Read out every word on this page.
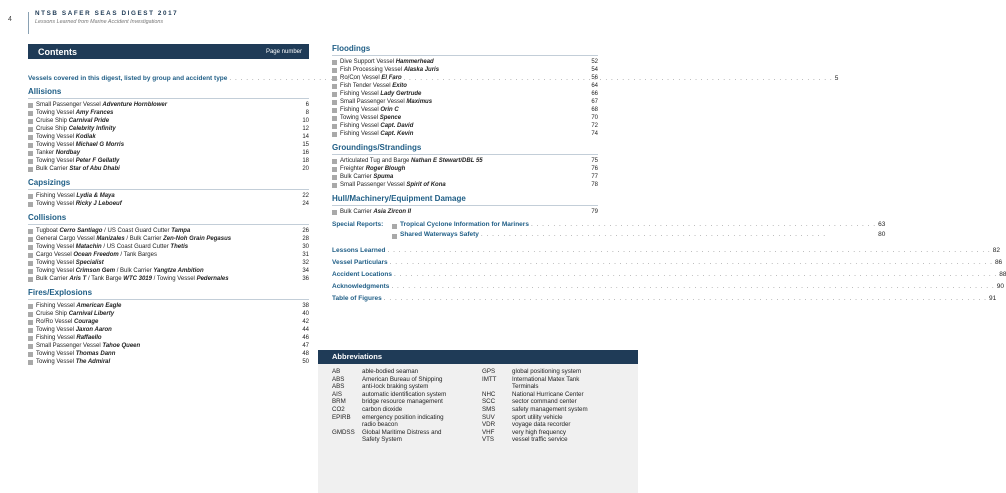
4
NTSB SAFER SEAS DIGEST 2017
Lessons Learned from Marine Accident Investigations
Contents	Page number
Vessels covered in this digest, listed by group and accident type . . .	5
Allisions
Small Passenger Vessel Adventure Hornblower	6
Towing Vessel Amy Frances	8
Cruise Ship Carnival Pride	10
Cruise Ship Celebrity Infinity	12
Towing Vessel Kodiak	14
Towing Vessel Michael G Morris	15
Tanker Nordbay	16
Towing Vessel Peter F Gellatly	18
Bulk Carrier Star of Abu Dhabi	20
Capsizings
Fishing Vessel Lydia & Maya	22
Towing Vessel Ricky J Leboeuf	24
Collisions
Tugboat Cerro Santiago / US Coast Guard Cutter Tampa	26
General Cargo Vessel Manizales / Bulk Carrier Zen-Noh Grain Pegasus	28
Towing Vessel Matachin / US Coast Guard Cutter Thetis	30
Cargo Vessel Ocean Freedom / Tank Barges	31
Towing Vessel Specialist	32
Towing Vessel Crimson Gem / Bulk Carrier Yangtze Ambition	34
Bulk Carrier Aris T / Tank Barge WTC 3019 / Towing Vessel Pedernales	36
Fires/Explosions
Fishing Vessel American Eagle	38
Cruise Ship Carnival Liberty	40
Ro/Ro Vessel Courage	42
Towing Vessel Jaxon Aaron	44
Fishing Vessel Raffaello	46
Small Passenger Vessel Tahoe Queen	47
Towing Vessel Thomas Dann	48
Towing Vessel The Admiral	50
Floodings
Dive Support Vessel Hammerhead	52
Fish Processing Vessel Alaska Juris	54
Ro/Con Vessel El Faro	56
Fish Tender Vessel Exito	64
Fishing Vessel Lady Gertrude	66
Small Passenger Vessel Maximus	67
Fishing Vessel Orin C	68
Towing Vessel Spence	70
Fishing Vessel Capt. David	72
Fishing Vessel Capt. Kevin	74
Groundings/Strandings
Articulated Tug and Barge Nathan E Stewart/DBL 55	75
Freighter Roger Blough	76
Bulk Carrier Spuma	77
Small Passenger Vessel Spirit of Kona	78
Hull/Machinery/Equipment Damage
Bulk Carrier Asia Zircon II	79
Special Reports:	Tropical Cyclone Information for Mariners . . .	63
Shared Waterways Safety . . .	80
Lessons Learned . . .	82
Vessel Particulars . . .	86
Accident Locations . . .	88
Acknowledgments . . .	90
Table of Figures . . .	91
Abbreviations
AB	able-bodied seaman
ABS	American Bureau of Shipping
ABS	anti-lock braking system
AIS	automatic identification system
BRM	bridge resource management
CO2	carbon dioxide
EPIRB	emergency position indicating
radio beacon
GMDSS	Global Maritime Distress and
Safety System
GPS	global positioning system
IMTT	International Matex Tank
Terminals
NHC	National Hurricane Center
SCC	sector command center
SMS	safety management system
SUV	sport utility vehicle
VDR	voyage data recorder
VHF	very high frequency
VTS	vessel traffic service
